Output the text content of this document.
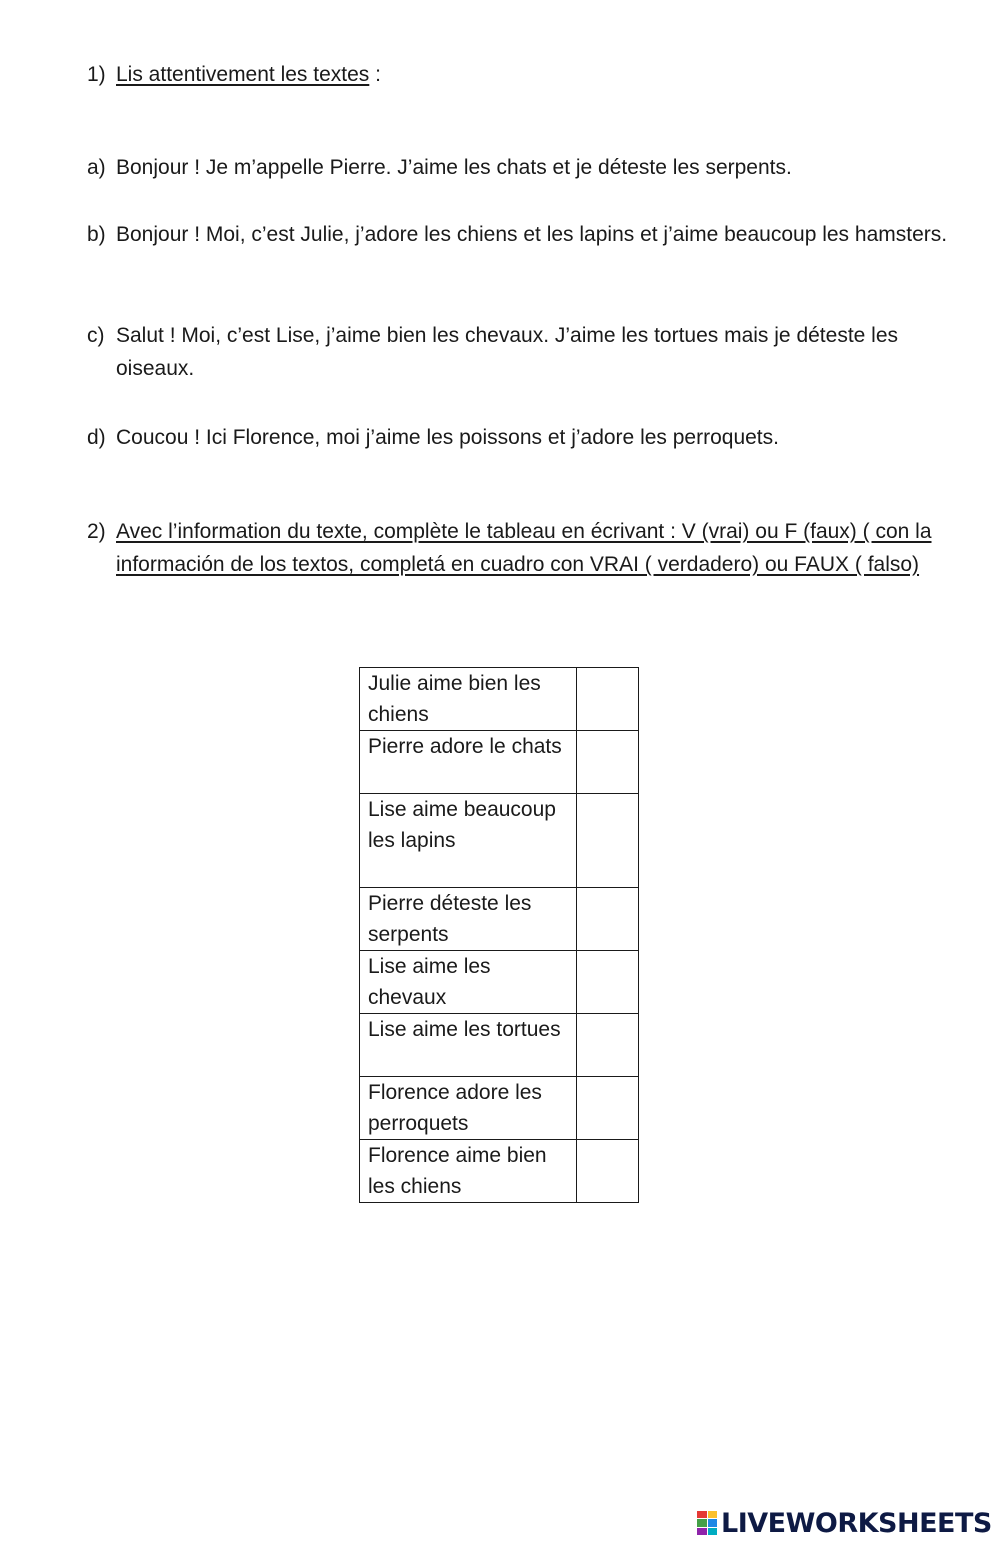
1) Lis attentivement les textes :
a) Bonjour ! Je m’appelle Pierre. J’aime les chats et je déteste les serpents.
b) Bonjour ! Moi, c’est Julie, j’adore les chiens et les lapins et j’aime beaucoup les hamsters.
c) Salut ! Moi, c’est Lise, j’aime bien les chevaux. J’aime les tortues mais je déteste les oiseaux.
d) Coucou ! Ici Florence, moi j’aime les poissons et j’adore les perroquets.
2) Avec l’information du texte, complète le tableau en écrivant : V (vrai) ou F (faux) ( con la información de los textos, completá en cuadro con VRAI ( verdadero) ou FAUX ( falso)
Julie aime bien les chiens	
Pierre adore le chats	
Lise aime beaucoup les lapins	
Pierre déteste les serpents	
Lise aime les chevaux	
Lise aime les tortues	
Florence adore les perroquets	
Florence aime bien les chiens	
LIVEWORKSHEETS
